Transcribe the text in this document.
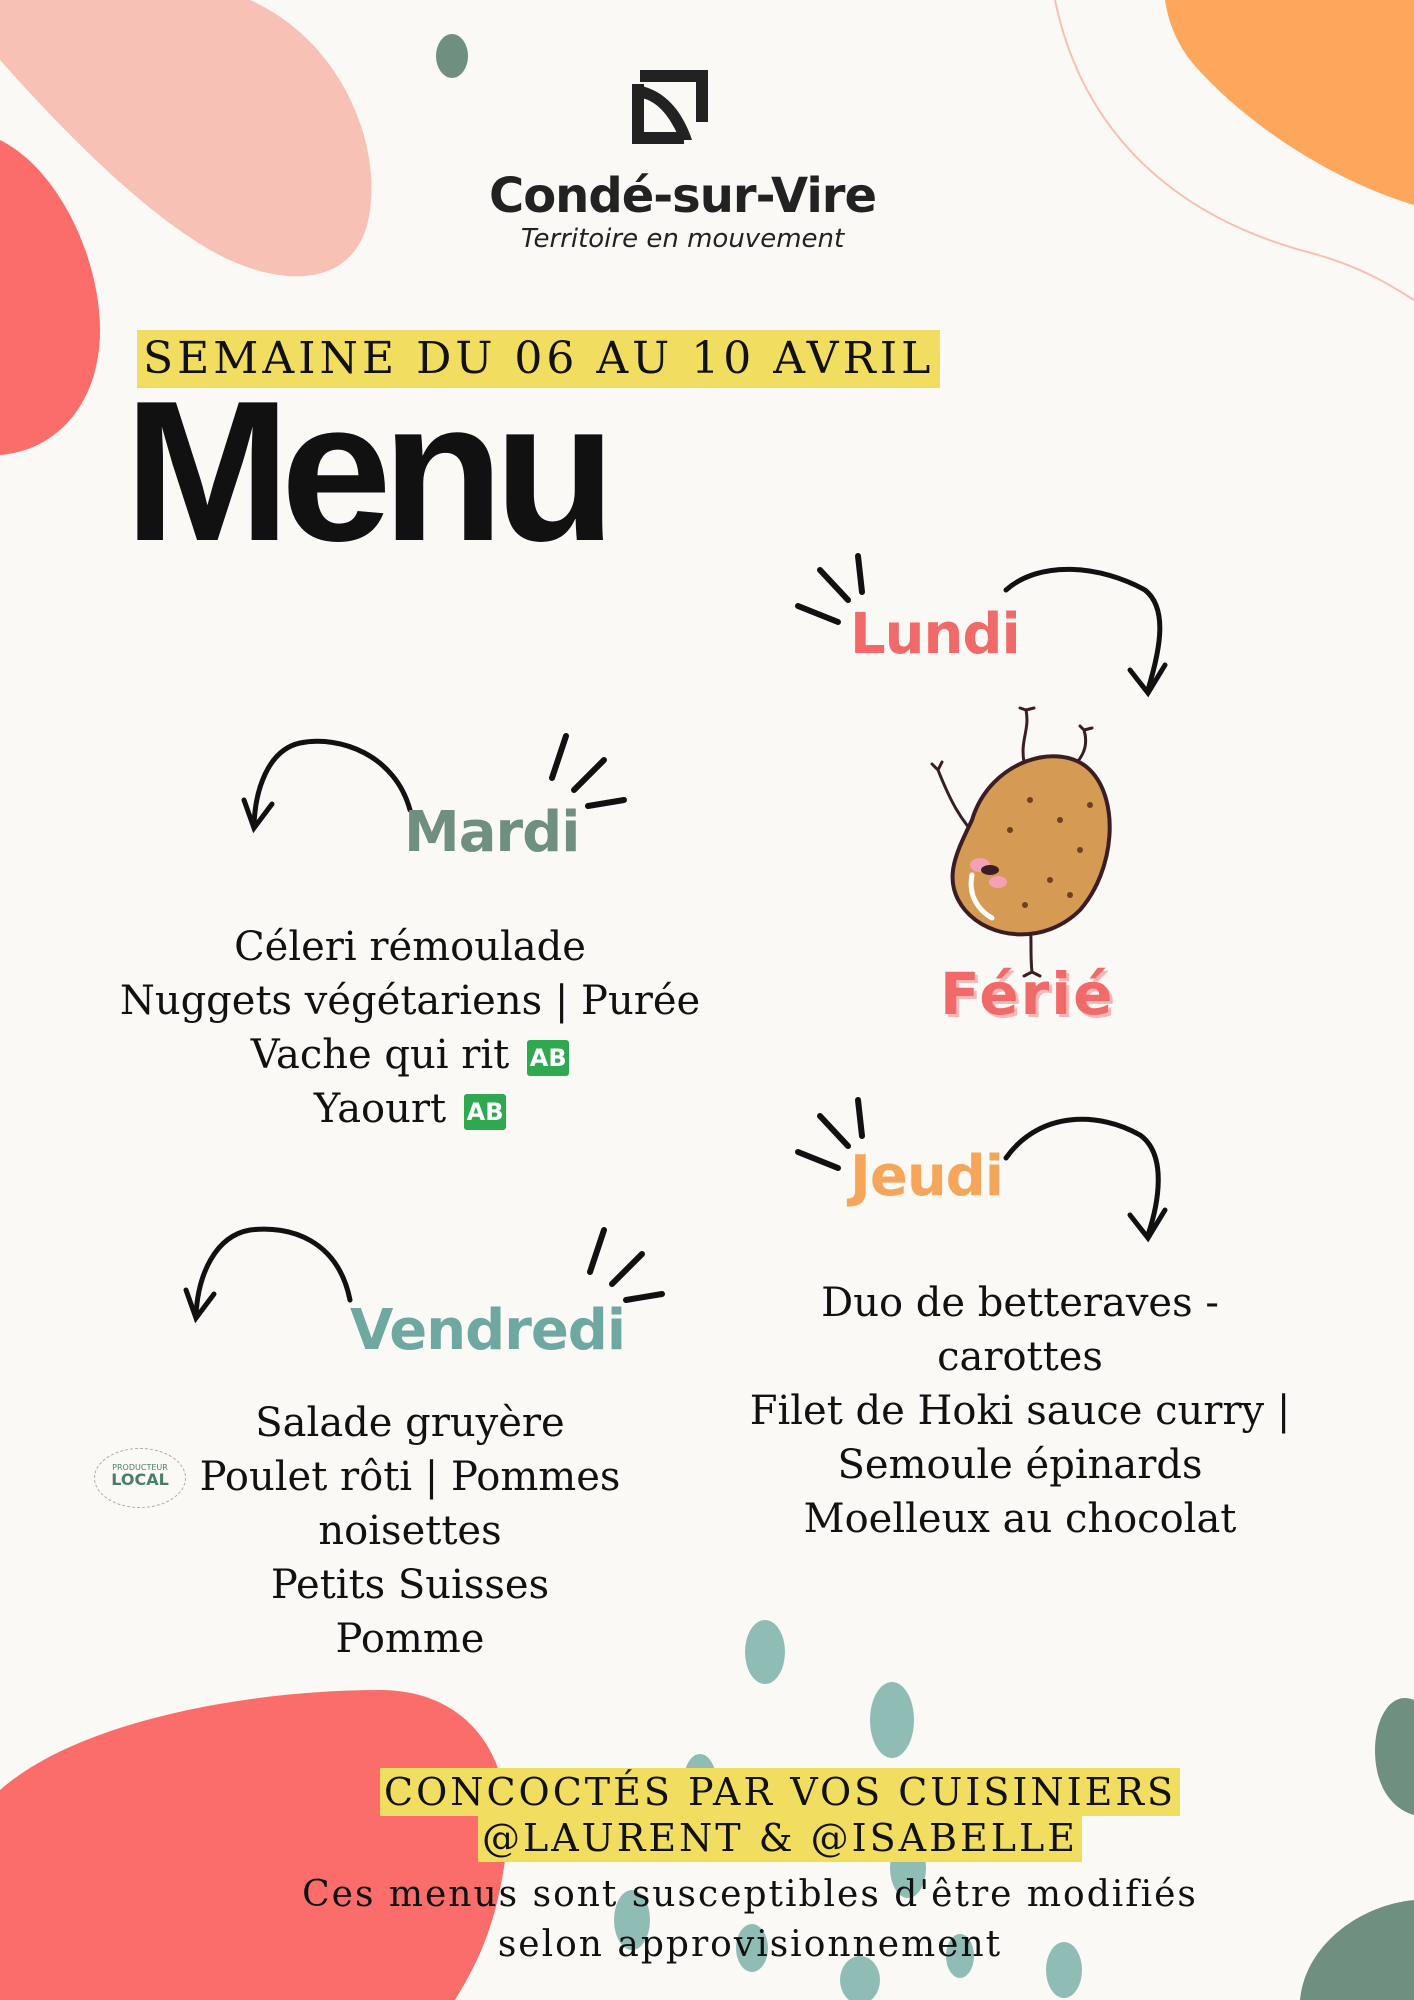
Condé-sur-Vire
Territoire en mouvement
SEMAINE DU 06 AU 10 AVRIL
Menu
Férié
Lundi
Mardi
Jeudi
Vendredi
Céleri rémoulade
Nuggets végétariens | Purée
Vache qui rit AB
Yaourt AB
Duo de betteraves -
carottes
Filet de Hoki sauce curry |
Semoule épinards
Moelleux au chocolat
PRODUCTEUR
LOCAL
Salade gruyère
Poulet rôti | Pommes
noisettes
Petits Suisses
Pomme
CONCOCTÉS PAR VOS CUISINIERS
@LAURENT & @ISABELLE
Ces menus sont susceptibles d'être modifiés
selon approvisionnement
